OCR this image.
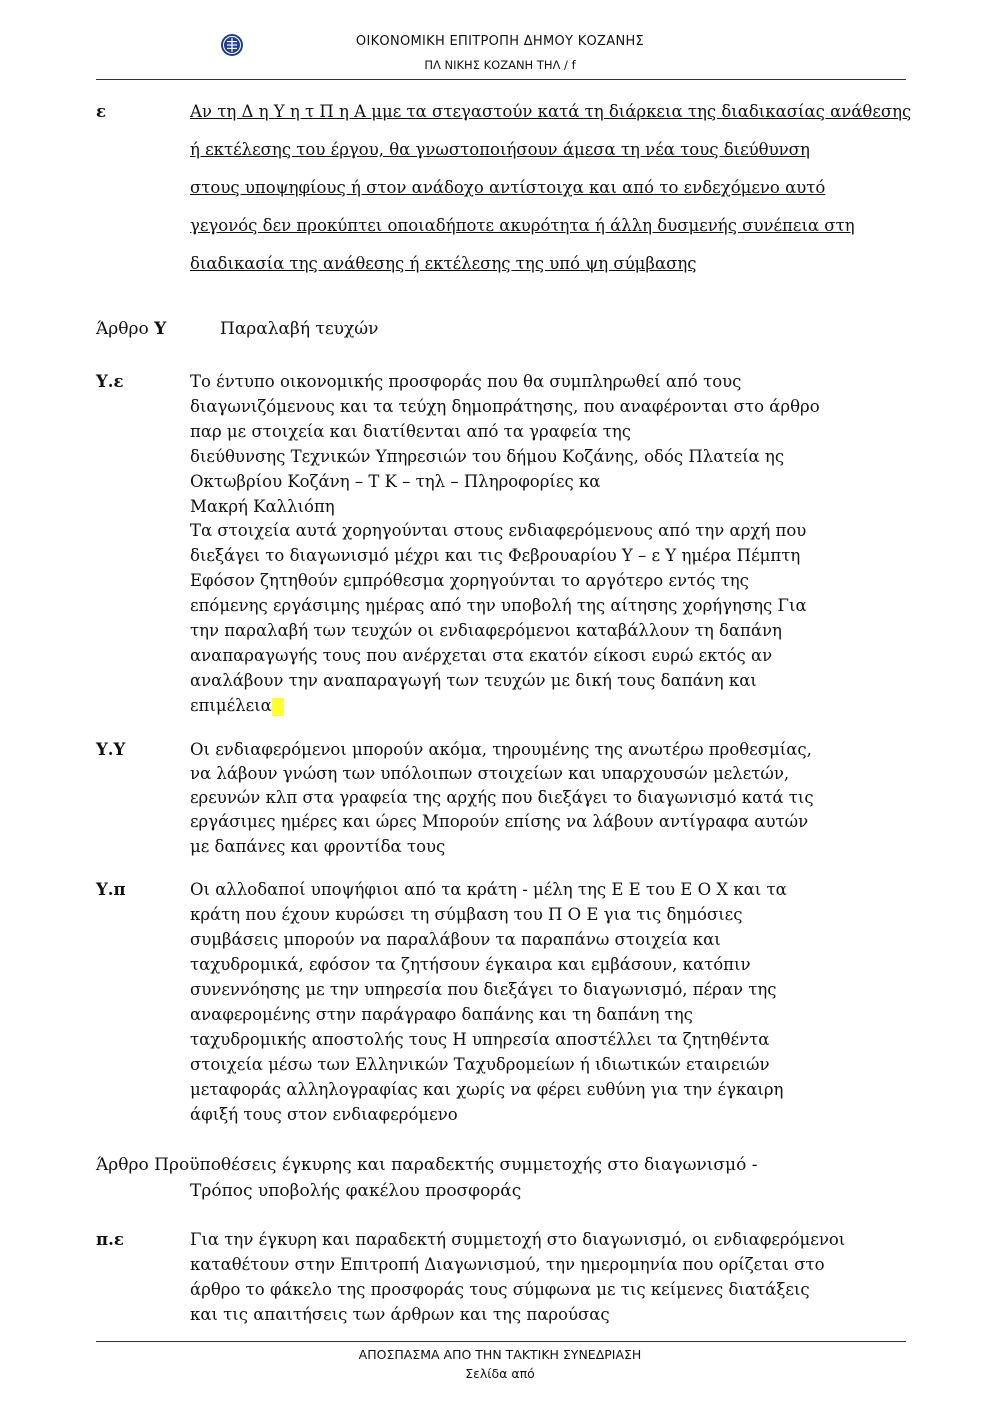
ΟΙΚΟΝΟΜΙΚΗ ΕΠΙΤΡΟΠΗ ΔΗΜΟΥ ΚΟΖΑΝΗΣ
ΠΛ ΝΙΚΗΣ ΚΟΖΑΝΗ ΤΗΛ / f
ε	Αν τη Δ η Υ η τ Π η Α μμε τα στεγαστούν κατά τη διάρκεια της διαδικασίας ανάθεσης
ή εκτέλεσης του έργου, θα γνωστοποιήσουν άμεσα τη νέα τους διεύθυνση
στους υποψηφίους ή στον ανάδοχο αντίστοιχα και από το ενδεχόμενο αυτό
γεγονός δεν προκύπτει οποιαδήποτε ακυρότητα ή άλλη δυσμενής συνέπεια στη
διαδικασία της ανάθεσης ή εκτέλεσης της υπό ψη σύμβασης
Άρθρο Υ	Παραλαβή τευχών
Υ.ε	Το έντυπο οικονομικής προσφοράς που θα συμπληρωθεί από τους
διαγωνιζόμενους και τα τεύχη δημοπράτησης, που αναφέρονται στο άρθρο
παρ με στοιχεία και διατίθενται από τα γραφεία της
διεύθυνσης Τεχνικών Υπηρεσιών του δήμου Κοζάνης, οδός Πλατεία ης
Οκτωβρίου Κοζάνη – Τ Κ – τηλ – Πληροφορίες κα
Μακρή Καλλιόπη
Τα στοιχεία αυτά χορηγούνται στους ενδιαφερόμενους από την αρχή που
διεξάγει το διαγωνισμό μέχρι και τις Φεβρουαρίου Υ – ε Υ ημέρα Πέμπτη
Εφόσον ζητηθούν εμπρόθεσμα χορηγούνται το αργότερο εντός της
επόμενης εργάσιμης ημέρας από την υποβολή της αίτησης χορήγησης Για
την παραλαβή των τευχών οι ενδιαφερόμενοι καταβάλλουν τη δαπάνη
αναπαραγωγής τους που ανέρχεται στα εκατόν είκοσι ευρώ εκτός αν
αναλάβουν την αναπαραγωγή των τευχών με δική τους δαπάνη και
επιμέλεια
Υ.Υ	Οι ενδιαφερόμενοι μπορούν ακόμα, τηρουμένης της ανωτέρω προθεσμίας,
να λάβουν γνώση των υπόλοιπων στοιχείων και υπαρχουσών μελετών,
ερευνών κλπ στα γραφεία της αρχής που διεξάγει το διαγωνισμό κατά τις
εργάσιμες ημέρες και ώρες Μπορούν επίσης να λάβουν αντίγραφα αυτών
με δαπάνες και φροντίδα τους
Υ.π	Οι αλλοδαποί υποψήφιοι από τα κράτη - μέλη της Ε Ε του Ε Ο Χ και τα
κράτη που έχουν κυρώσει τη σύμβαση του Π Ο Ε για τις δημόσιες
συμβάσεις μπορούν να παραλάβουν τα παραπάνω στοιχεία και
ταχυδρομικά, εφόσον τα ζητήσουν έγκαιρα και εμβάσουν, κατόπιν
συνεννόησης με την υπηρεσία που διεξάγει το διαγωνισμό, πέραν της
αναφερομένης στην παράγραφο δαπάνης και τη δαπάνη της
ταχυδρομικής αποστολής τους Η υπηρεσία αποστέλλει τα ζητηθέντα
στοιχεία μέσω των Ελληνικών Ταχυδρομείων ή ιδιωτικών εταιρειών
μεταφοράς αλληλογραφίας και χωρίς να φέρει ευθύνη για την έγκαιρη
άφιξή τους στον ενδιαφερόμενο
Άρθρο Προϋποθέσεις έγκυρης και παραδεκτής συμμετοχής στο διαγωνισμό -
Τρόπος υποβολής φακέλου προσφοράς
π.ε	Για την έγκυρη και παραδεκτή συμμετοχή στο διαγωνισμό, οι ενδιαφερόμενοι
καταθέτουν στην Επιτροπή Διαγωνισμού, την ημερομηνία που ορίζεται στο
άρθρο το φάκελο της προσφοράς τους σύμφωνα με τις κείμενες διατάξεις
και τις απαιτήσεις των άρθρων και της παρούσας
ΑΠΟΣΠΑΣΜΑ ΑΠΟ ΤΗΝ ΤΑΚΤΙΚΗ ΣΥΝΕΔΡΙΑΣΗ
Σελίδα από
